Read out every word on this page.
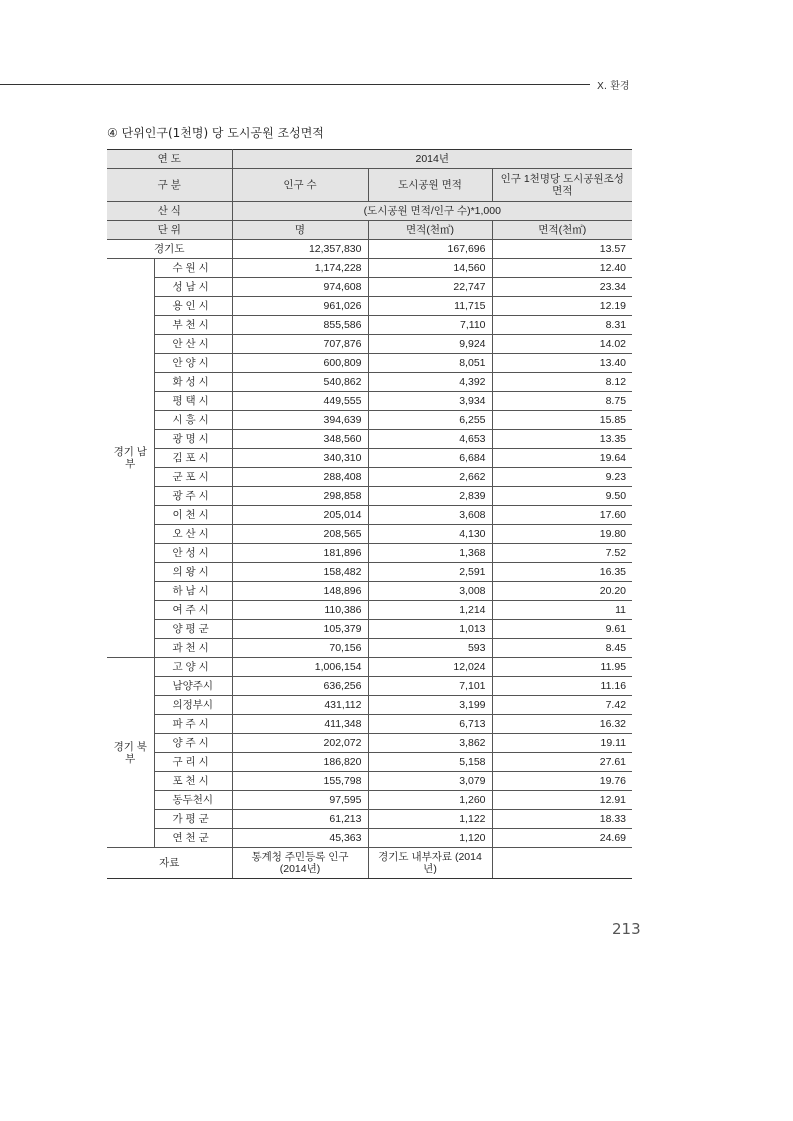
Ⅹ. 환경
④ 단위인구(1천명) 당 도시공원 조성면적
연 도		2014년		
구 분		인구 수	도시공원 면적	인구 1천명당 도시공원조성면적
산 식		(도시공원 면적/인구 수)*1,000		
단 위		명	면적(천㎡)	면적(천㎡)
경기도		12,357,830	167,696	13.57
경기 남부	수 원 시	1,174,228	14,560	12.40
	성 남 시	974,608	22,747	23.34
	용 인 시	961,026	11,715	12.19
	부 천 시	855,586	7,110	8.31
	안 산 시	707,876	9,924	14.02
	안 양 시	600,809	8,051	13.40
	화 성 시	540,862	4,392	8.12
	평 택 시	449,555	3,934	8.75
	시 흥 시	394,639	6,255	15.85
	광 명 시	348,560	4,653	13.35
	김 포 시	340,310	6,684	19.64
	군 포 시	288,408	2,662	9.23
	광 주 시	298,858	2,839	9.50
	이 천 시	205,014	3,608	17.60
	오 산 시	208,565	4,130	19.80
	안 성 시	181,896	1,368	7.52
	의 왕 시	158,482	2,591	16.35
	하 남 시	148,896	3,008	20.20
	여 주 시	110,386	1,214	11
	양 평 군	105,379	1,013	9.61
	과 천 시	70,156	593	8.45
경기 북부	고 양 시	1,006,154	12,024	11.95
	남양주시	636,256	7,101	11.16
	의정부시	431,112	3,199	7.42
	파 주 시	411,348	6,713	16.32
	양 주 시	202,072	3,862	19.11
	구 리 시	186,820	5,158	27.61
	포 천 시	155,798	3,079	19.76
	동두천시	97,595	1,260	12.91
	가 평 군	61,213	1,122	18.33
	연 천 군	45,363	1,120	24.69
자료		통계청 주민등록 인구 (2014년)	경기도 내부자료 (2014년)	
213
